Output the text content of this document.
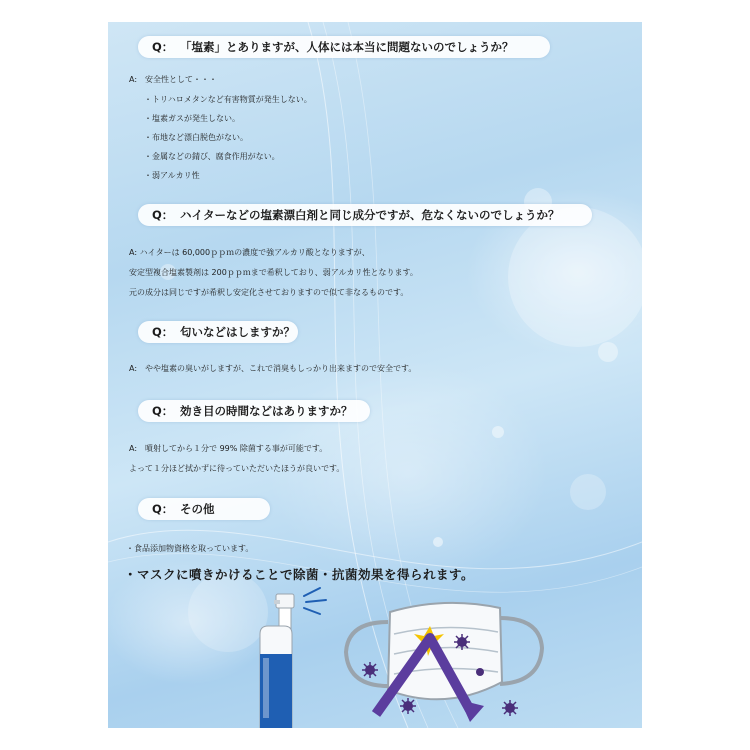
Q： 「塩素」とありますが、人体には本当に問題ないのでしょうか？
A:　安全性として・・・
・トリハロメタンなど有害物質が発生しない。
・塩素ガスが発生しない。
・布地など漂白脱色がない。
・金属などの錆び、腐食作用がない。
・弱アルカリ性
Q： ハイターなどの塩素漂白剤と同じ成分ですが、危なくないのでしょうか？
A: ハイターは 60,000ｐｐｍの濃度で強アルカリ酸となりますが、
安定型複合塩素製剤は 200ｐｐｍまで希釈しており、弱アルカリ性となります。
元の成分は同じですが希釈し安定化させておりますので似て非なるものです。
Q： 匂いなどはしますか？
A:　やや塩素の臭いがしますが、これで消臭もしっかり出来ますので安全です。
Q： 効き目の時間などはありますか？
A:　噴射してから１分で 99% 除菌する事が可能です。
よって１分ほど拭かずに待っていただいたほうが良いです。
Q： その他
・食品添加物資格を取っています。
・マスクに噴きかけることで除菌・抗菌効果を得られます。
